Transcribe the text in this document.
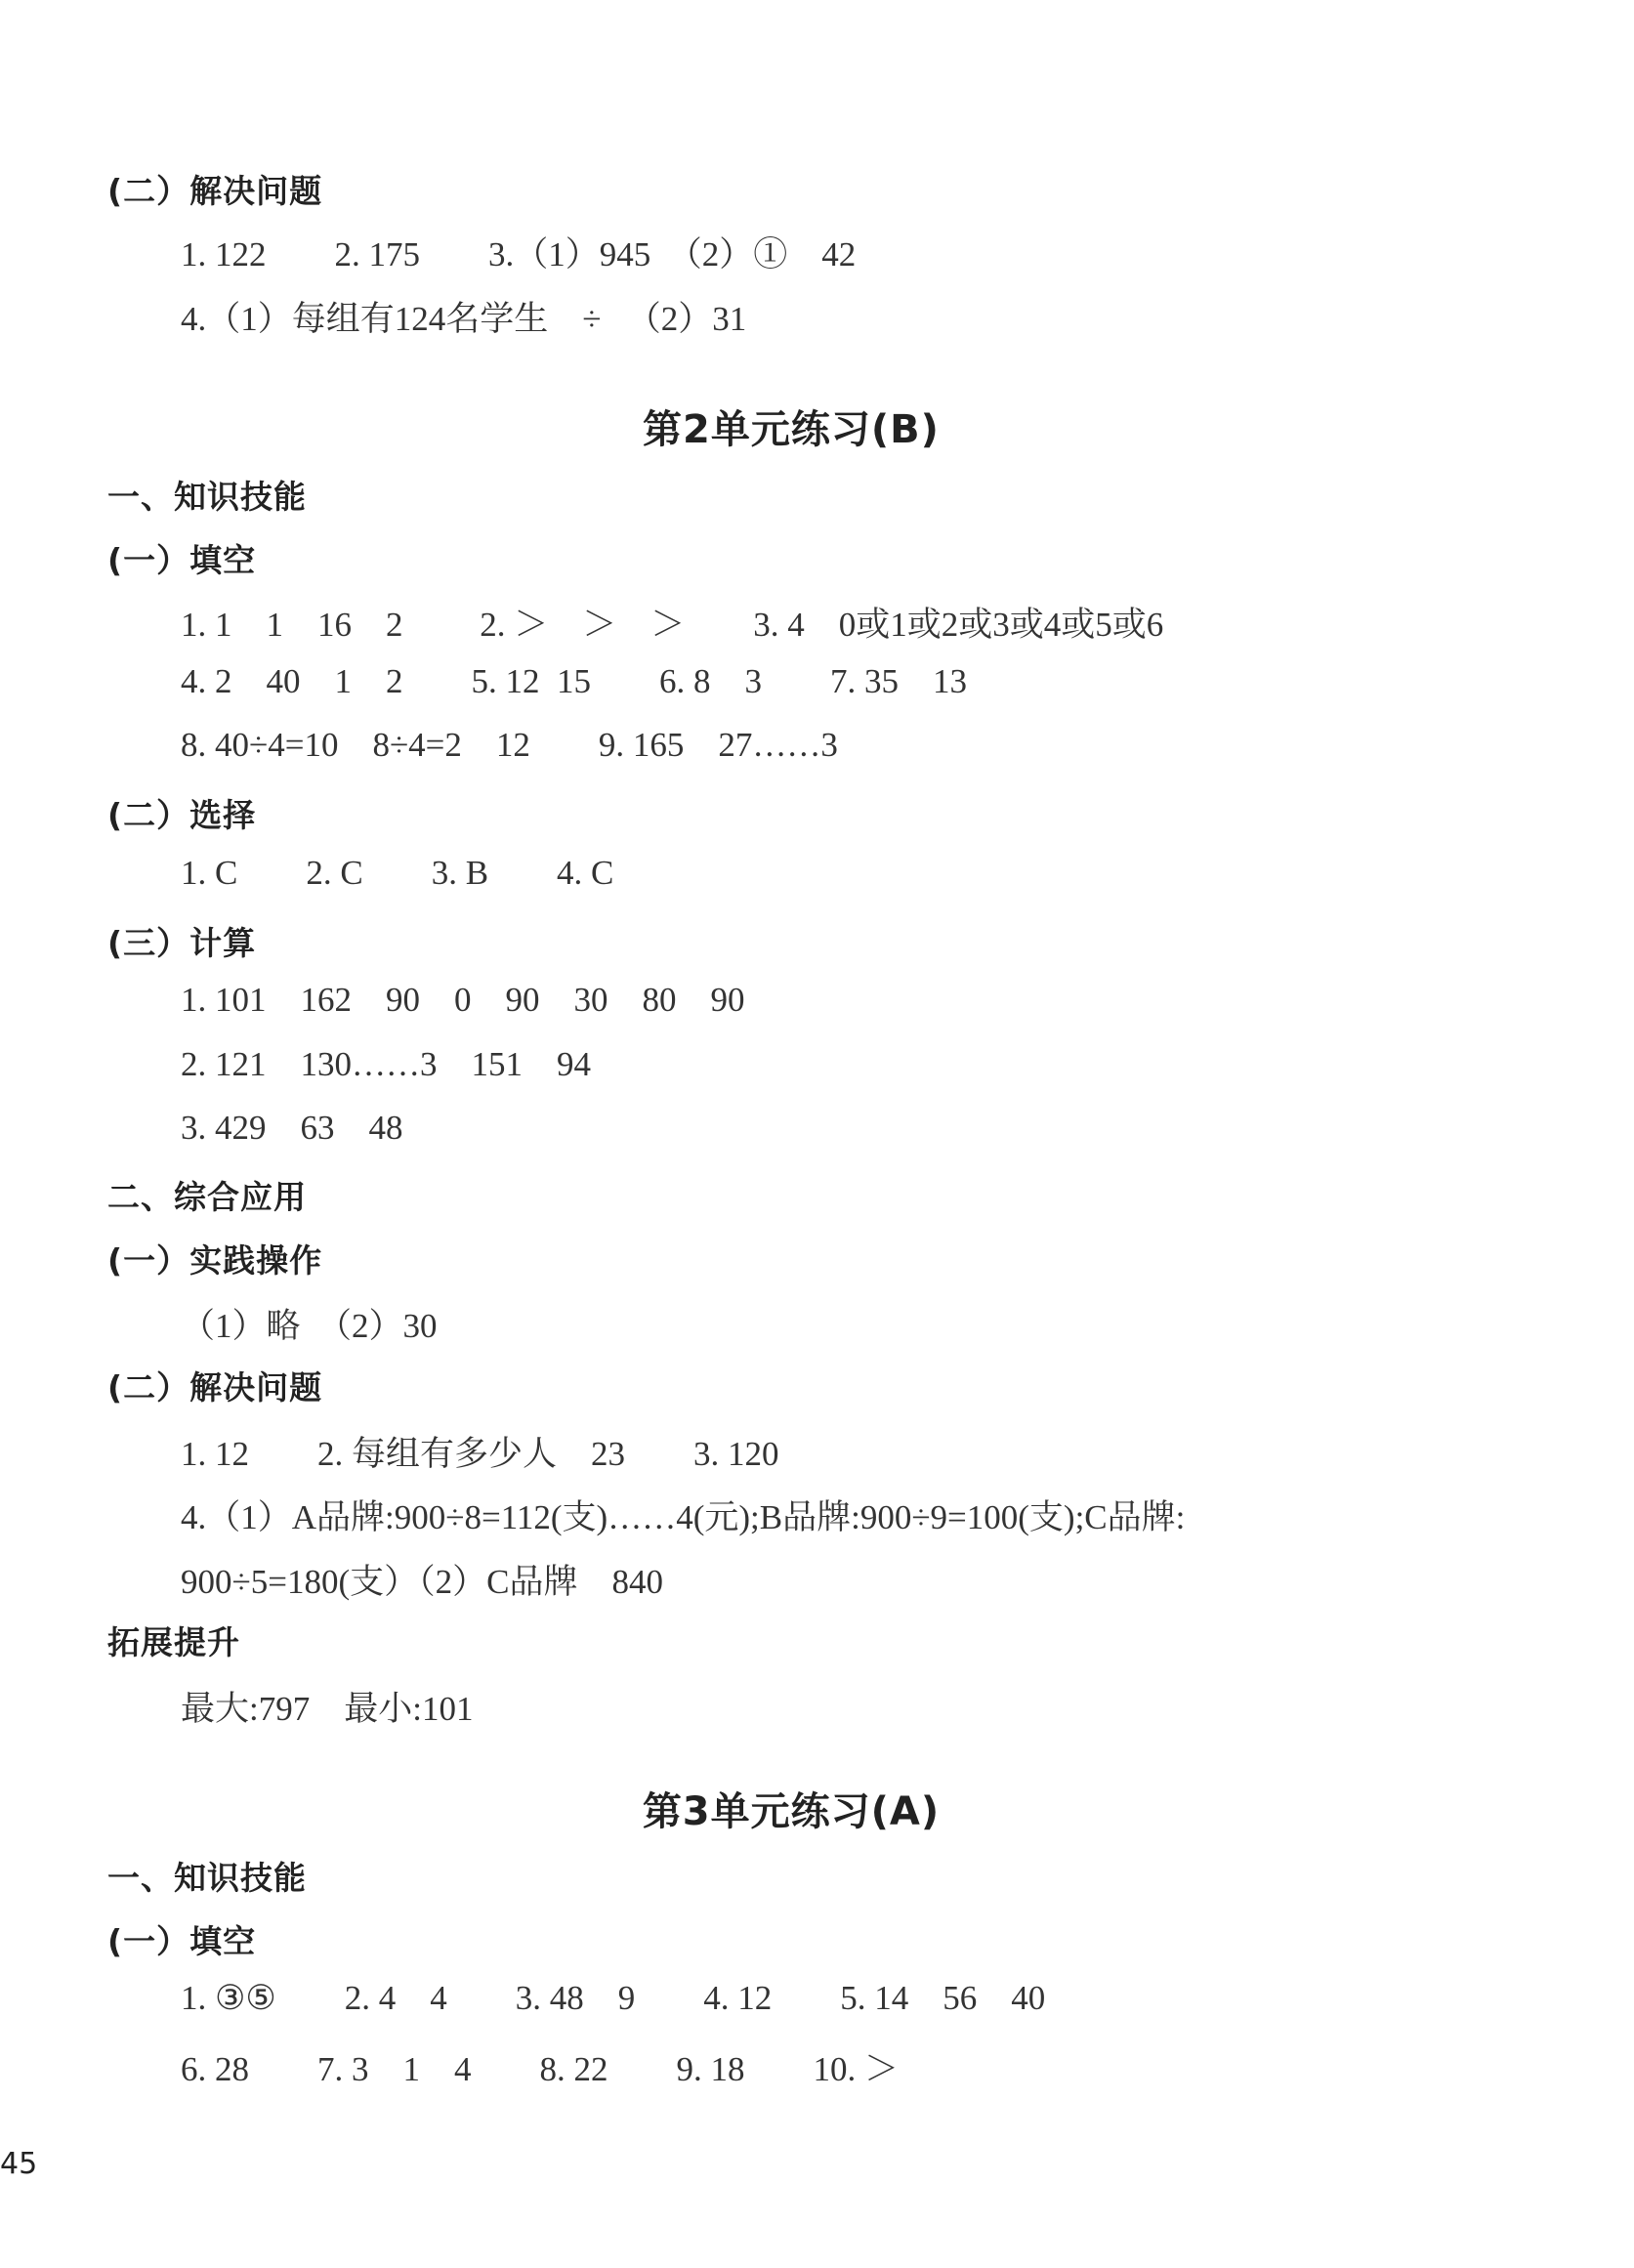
(二）解决问题
1. 122        2. 175        3.（1）945  （2）①    42
4.（1）每组有124名学生    ÷   （2）31
第2单元练习(B)
一、知识技能
(一）填空
1. 1    1    16    2         2. ＞    ＞    ＞        3. 4    0或1或2或3或4或5或6
4. 2    40    1    2        5. 12  15        6. 8    3        7. 35    13
8. 40÷4=10    8÷4=2    12        9. 165    27……3
(二）选择
1. C        2. C        3. B        4. C
(三）计算
1. 101    162    90    0    90    30    80    90
2. 121    130……3    151    94
3. 429    63    48
二、综合应用
(一）实践操作
（1）略  （2）30
(二）解决问题
1. 12        2. 每组有多少人    23        3. 120
4.（1）A品牌:900÷8=112(支)……4(元);B品牌:900÷9=100(支);C品牌:
900÷5=180(支）（2）C品牌    840
拓展提升
最大:797    最小:101
第3单元练习(A)
一、知识技能
(一）填空
1. ③⑤        2. 4    4        3. 48    9        4. 12        5. 14    56    40
6. 28        7. 3    1    4        8. 22        9. 18        10. ＞
45
